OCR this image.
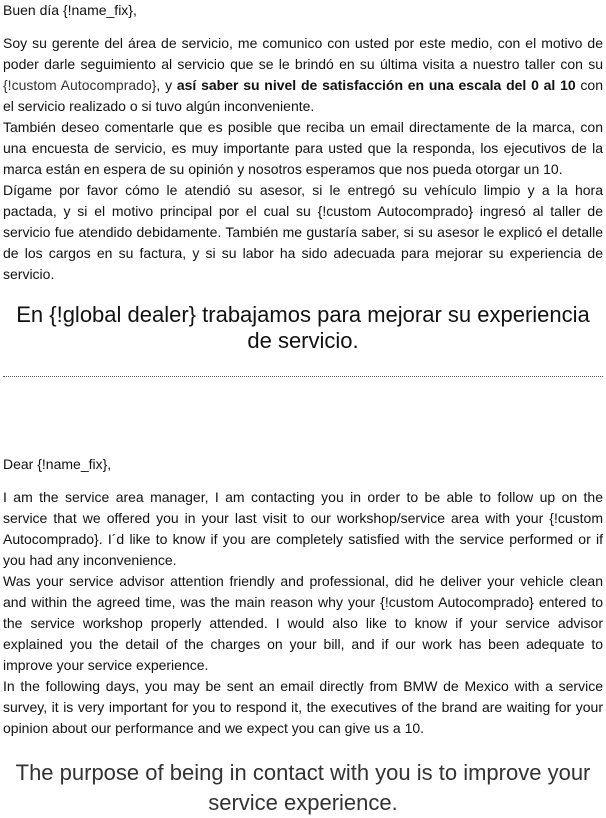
Buen día {!name_fix},

Soy su gerente del área de servicio, me comunico con usted por este medio, con el motivo de poder darle seguimiento al servicio que se le brindó en su última visita a nuestro taller con su {!custom Autocomprado}, y así saber su nivel de satisfacción en una escala del 0 al 10 con el servicio realizado o si tuvo algún inconveniente.

También deseo comentarle que es posible que reciba un email directamente de la marca, con una encuesta de servicio, es muy importante para usted que la responda, los ejecutivos de la marca están en espera de su opinión y nosotros esperamos que nos pueda otorgar un 10.

Dígame por favor cómo le atendió su asesor, si le entregó su vehículo limpio y a la hora pactada, y si el motivo principal por el cual su {!custom Autocomprado} ingresó al taller de servicio fue atendido debidamente. También me gustaría saber, si su asesor le explicó el detalle de los cargos en su factura, y si su labor ha sido adecuada para mejorar su experiencia de servicio.

En {!global dealer} trabajamos para mejorar su experiencia de servicio.

Dear {!name_fix},

I am the service area manager, I am contacting you in order to be able to follow up on the service that we offered you in your last visit to our workshop/service area with your {!custom Autocomprado}. I´d like to know if you are completely satisfied with the service performed or if you had any inconvenience.

Was your service advisor attention friendly and professional, did he deliver your vehicle clean and within the agreed time, was the main reason why your {!custom Autocomprado} entered to the service workshop properly attended. I would also like to know if your service advisor explained you the detail of the charges on your bill, and if our work has been adequate to improve your service experience.

In the following days, you may be sent an email directly from BMW de Mexico with a service survey, it is very important for you to respond it, the executives of the brand are waiting for your opinion about our performance and we expect you can give us a 10.

The purpose of being in contact with you is to improve your service experience.
